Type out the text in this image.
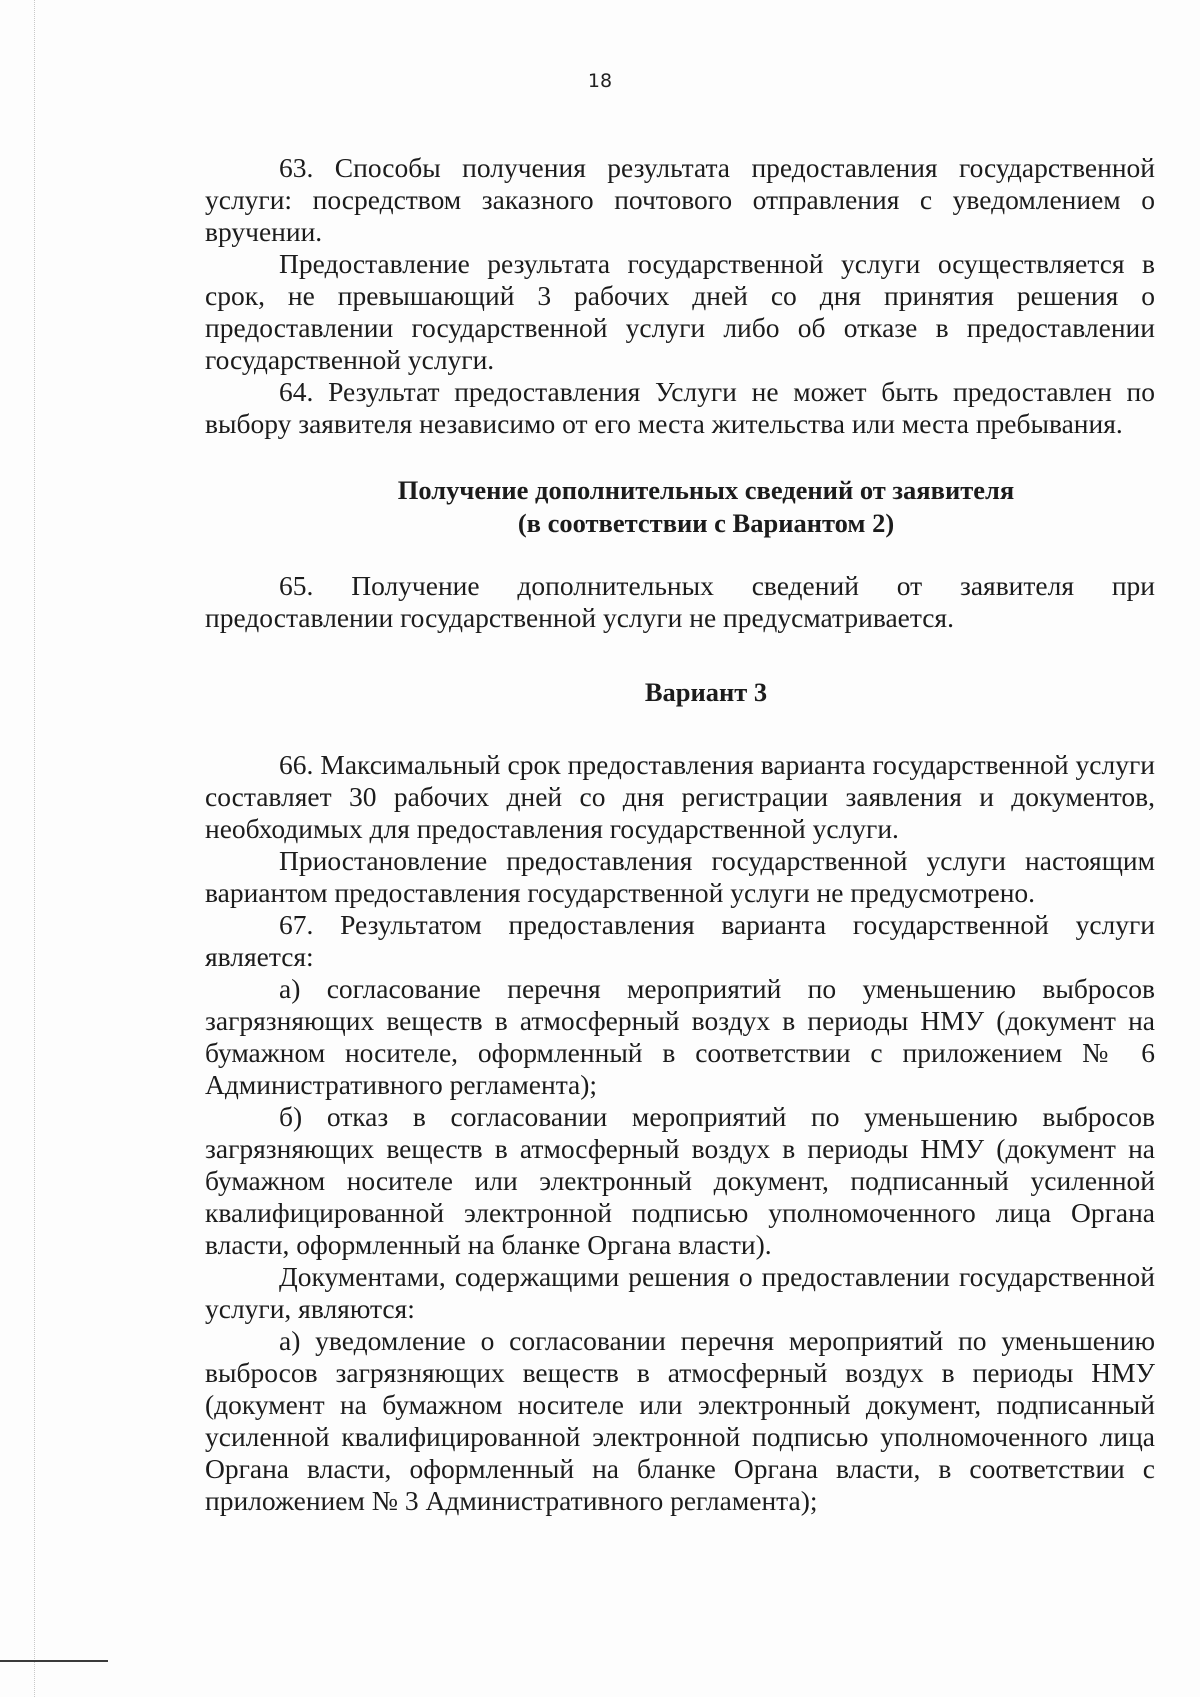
18

63. Способы получения результата предоставления государственной услуги: посредством заказного почтового отправления с уведомлением о вручении.

Предоставление результата государственной услуги осуществляется в срок, не превышающий 3 рабочих дней со дня принятия решения о предоставлении государственной услуги либо об отказе в предоставлении государственной услуги.

64. Результат предоставления Услуги не может быть предоставлен по выбору заявителя независимо от его места жительства или места пребывания.

Получение дополнительных сведений от заявителя
(в соответствии с Вариантом 2)

65. Получение дополнительных сведений от заявителя при предоставлении государственной услуги не предусматривается.

Вариант 3

66. Максимальный срок предоставления варианта государственной услуги составляет 30 рабочих дней со дня регистрации заявления и документов, необходимых для предоставления государственной услуги.

Приостановление предоставления государственной услуги настоящим вариантом предоставления государственной услуги не предусмотрено.

67. Результатом предоставления варианта государственной услуги является:

а) согласование перечня мероприятий по уменьшению выбросов загрязняющих веществ в атмосферный воздух в периоды НМУ (документ на бумажном носителе, оформленный в соответствии с приложением № 6 Административного регламента);

б) отказ в согласовании мероприятий по уменьшению выбросов загрязняющих веществ в атмосферный воздух в периоды НМУ (документ на бумажном носителе или электронный документ, подписанный усиленной квалифицированной электронной подписью уполномоченного лица Органа власти, оформленный на бланке Органа власти).

Документами, содержащими решения о предоставлении государственной услуги, являются:

а) уведомление о согласовании перечня мероприятий по уменьшению выбросов загрязняющих веществ в атмосферный воздух в периоды НМУ (документ на бумажном носителе или электронный документ, подписанный усиленной квалифицированной электронной подписью уполномоченного лица Органа власти, оформленный на бланке Органа власти, в соответствии с приложением № 3 Административного регламента);
